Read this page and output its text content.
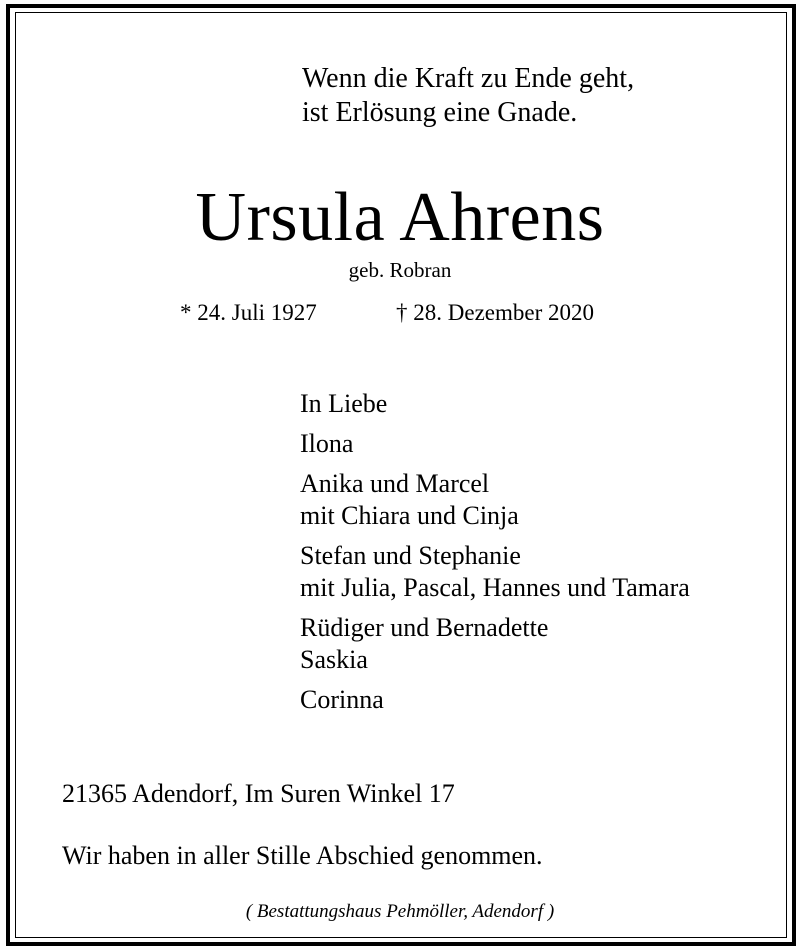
Wenn die Kraft zu Ende geht,
ist Erlösung eine Gnade.
Ursula Ahrens
geb. Robran
* 24. Juli 1927	† 28. Dezember 2020
In Liebe
Ilona
Anika und Marcel
mit Chiara und Cinja
Stefan und Stephanie
mit Julia, Pascal, Hannes und Tamara
Rüdiger und Bernadette
Saskia
Corinna
21365 Adendorf, Im Suren Winkel 17
Wir haben in aller Stille Abschied genommen.
( Bestattungshaus Pehmöller, Adendorf )
